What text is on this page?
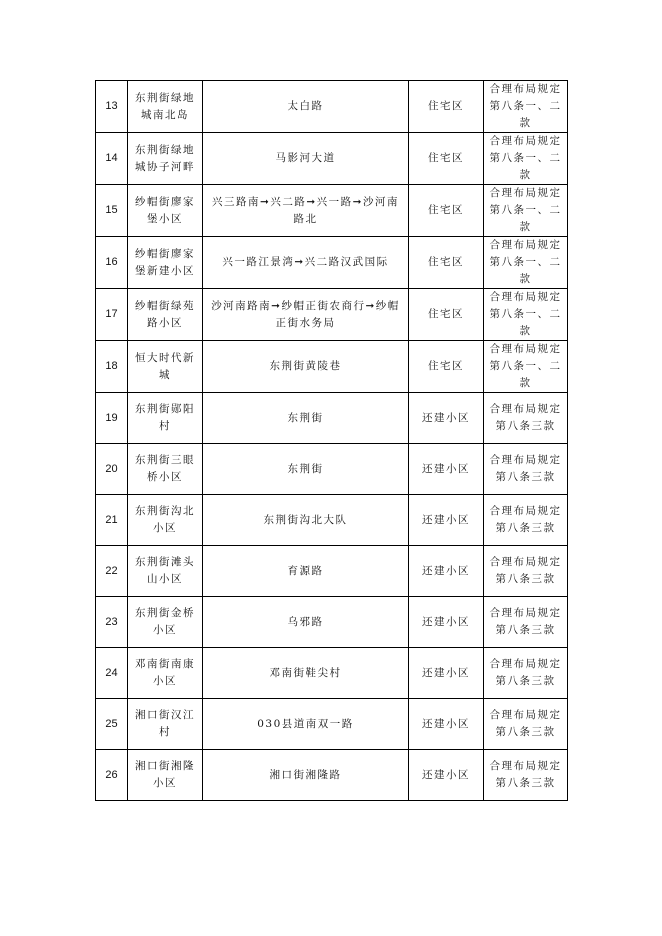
13	东荆街绿地城南北岛	太白路	住宅区	合理布局规定第八条一、二款
14	东荆街绿地城协子河畔	马影河大道	住宅区	合理布局规定第八条一、二款
15	纱帽街廖家堡小区	兴三路南➞兴二路➞兴一路➞沙河南路北	住宅区	合理布局规定第八条一、二款
16	纱帽街廖家堡新建小区	兴一路江景湾➞兴二路汉武国际	住宅区	合理布局规定第八条一、二款
17	纱帽街绿苑路小区	沙河南路南➞纱帽正街农商行➞纱帽正街水务局	住宅区	合理布局规定第八条一、二款
18	恒大时代新城	东荆街黄陵巷	住宅区	合理布局规定第八条一、二款
19	东荆街郧阳村	东荆街	还建小区	合理布局规定第八条三款
20	东荆街三眼桥小区	东荆街	还建小区	合理布局规定第八条三款
21	东荆街沟北小区	东荆街沟北大队	还建小区	合理布局规定第八条三款
22	东荆街滩头山小区	育源路	还建小区	合理布局规定第八条三款
23	东荆街金桥小区	乌邪路	还建小区	合理布局规定第八条三款
24	邓南街南康小区	邓南街鞋尖村	还建小区	合理布局规定第八条三款
25	湘口街汉江村	030县道南双一路	还建小区	合理布局规定第八条三款
26	湘口街湘隆小区	湘口街湘隆路	还建小区	合理布局规定第八条三款
